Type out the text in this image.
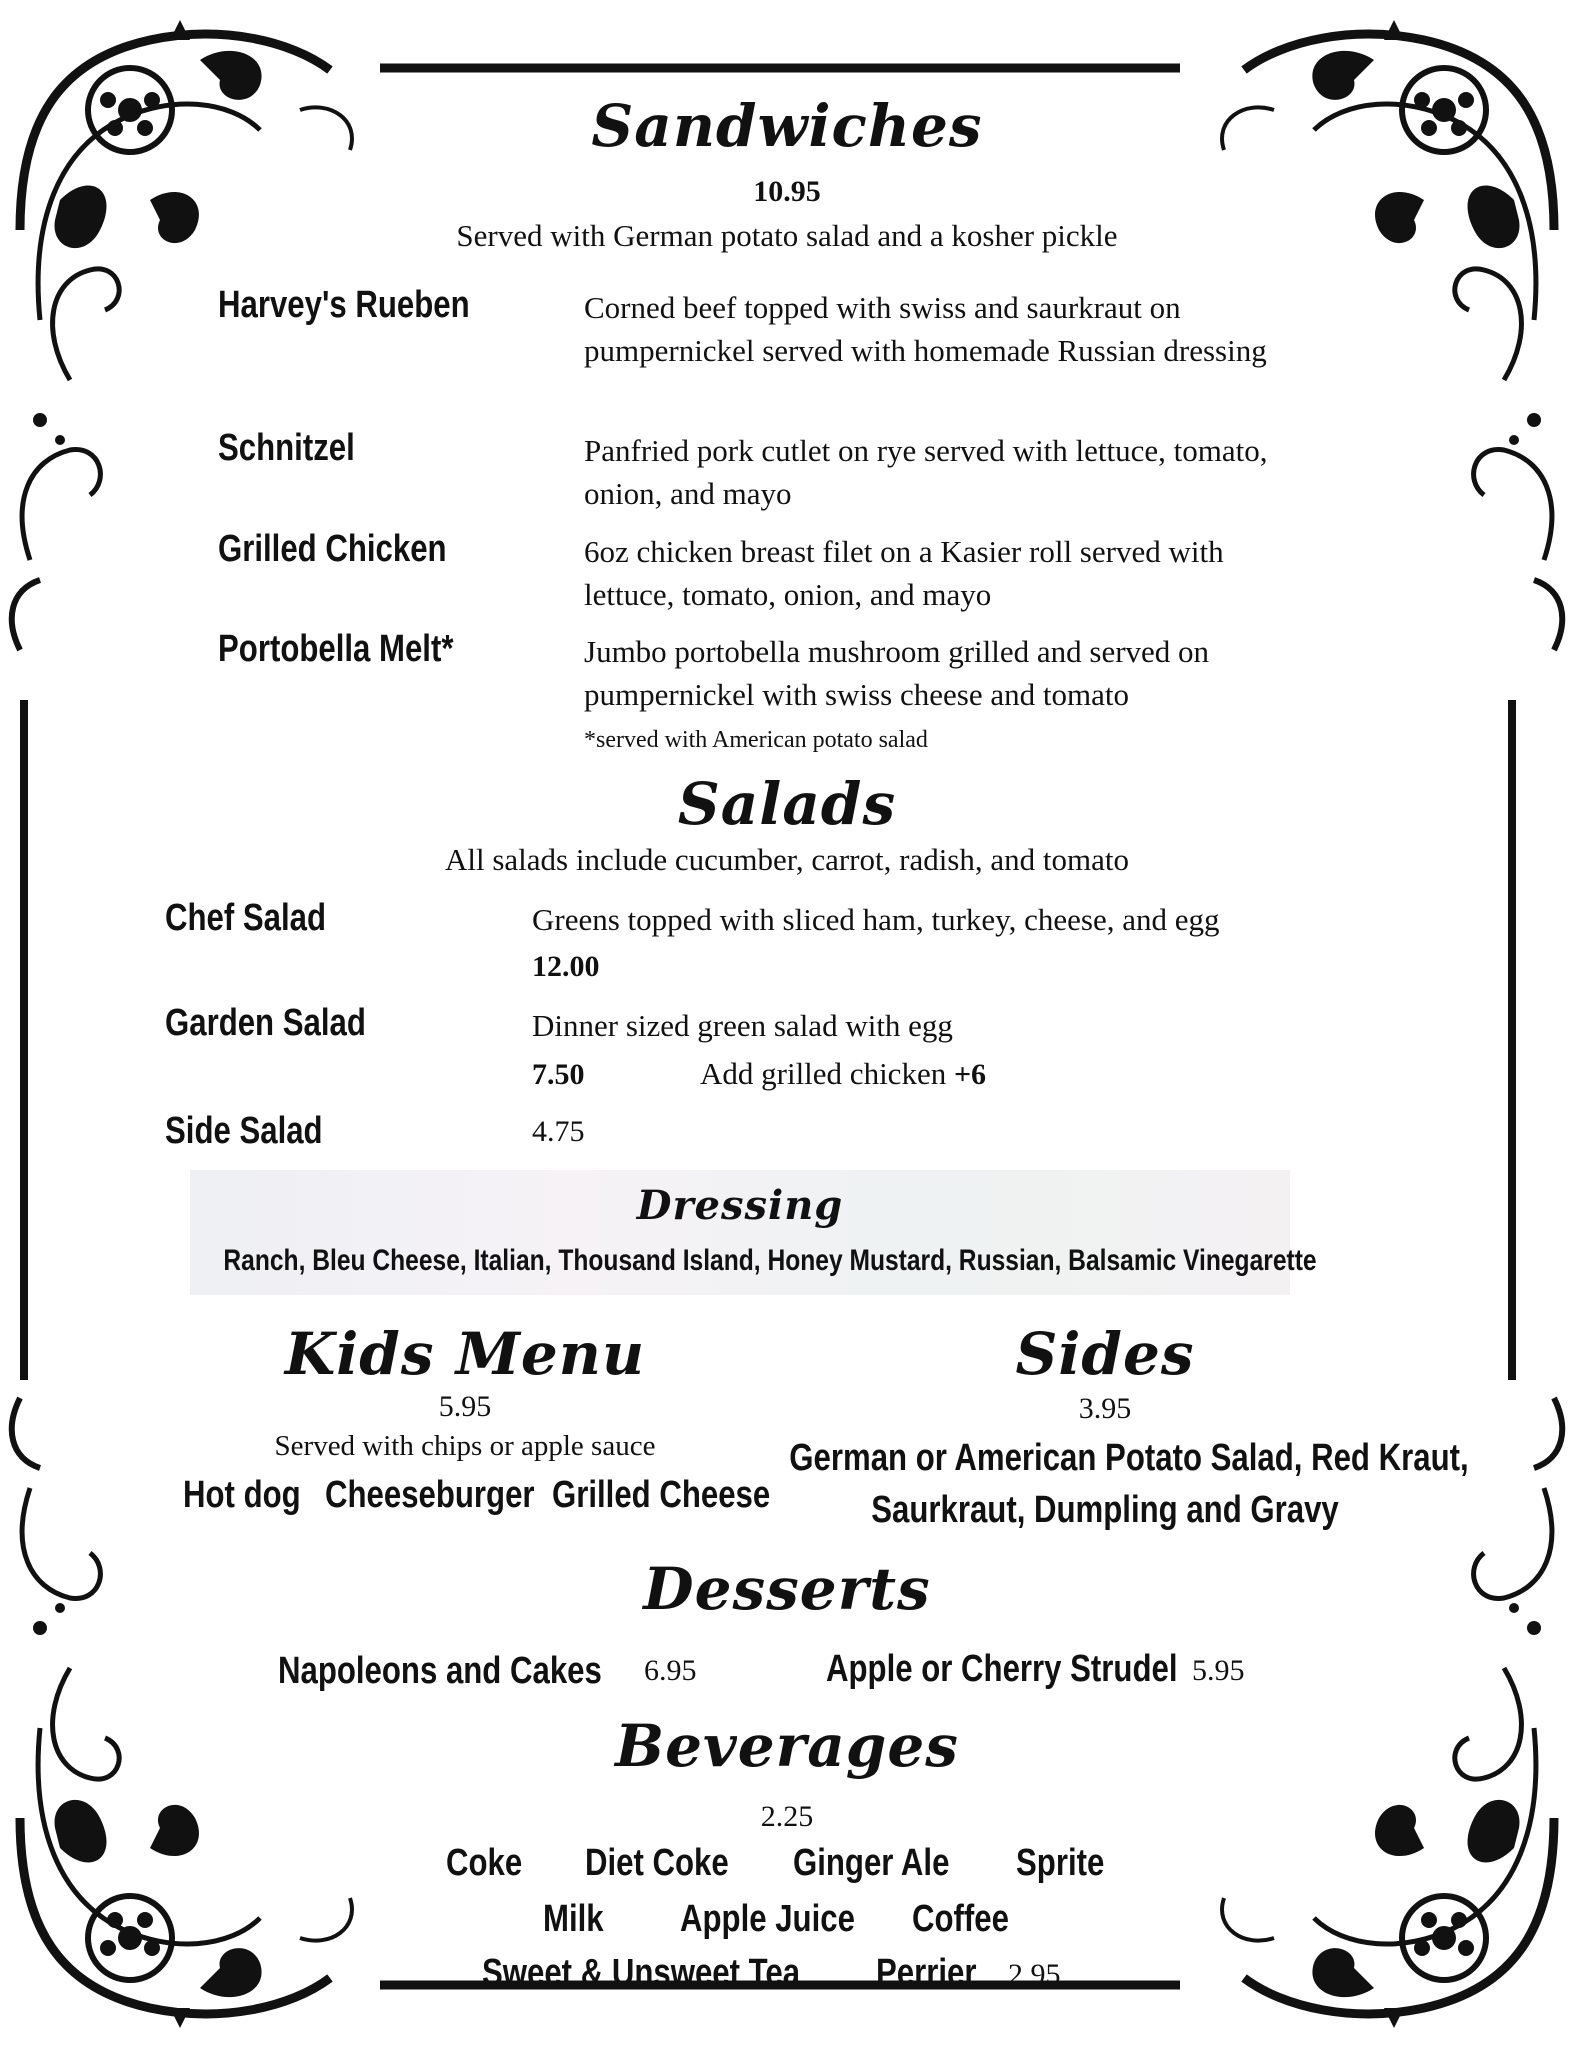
Sandwiches
10.95
Served with German potato salad and a kosher pickle
Harvey's Rueben	Corned beef topped with swiss and saurkraut on pumpernickel served with homemade Russian dressing
Schnitzel	Panfried pork cutlet on rye served with lettuce, tomato, onion, and mayo
Grilled Chicken	6oz chicken breast filet on a Kasier roll served with lettuce, tomato, onion, and mayo
Portobella Melt*	Jumbo portobella mushroom grilled and served on pumpernickel with swiss cheese and tomato
*served with American potato salad
Salads
All salads include cucumber, carrot, radish, and tomato
Chef Salad	Greens topped with sliced ham, turkey, cheese, and egg
12.00
Garden Salad	Dinner sized green salad with egg
7.50	Add grilled chicken +6
Side Salad	4.75
Dressing
Ranch, Bleu Cheese, Italian, Thousand Island, Honey Mustard, Russian, Balsamic Vinegarette
Kids Menu
5.95
Served with chips or apple sauce
Hot dog Cheeseburger Grilled Cheese
Sides
3.95
German or American Potato Salad, Red Kraut,
Saurkraut, Dumpling and Gravy
Desserts
Napoleons and Cakes 6.95	Apple or Cherry Strudel 5.95
Beverages
2.25
Coke Diet Coke Ginger Ale Sprite
Milk Apple Juice Coffee
Sweet & Unsweet Tea Perrier 2.95
